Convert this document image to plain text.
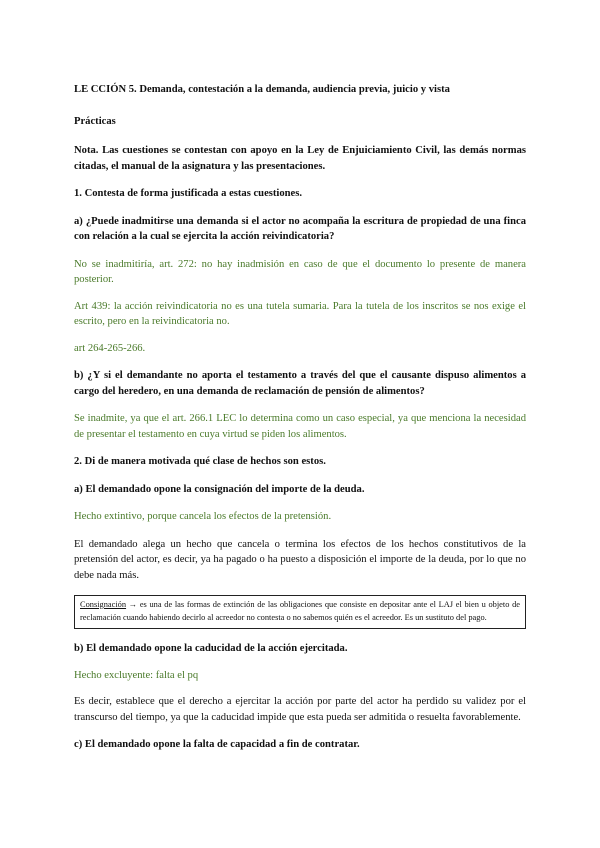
LE CCIÓN 5. Demanda, contestación a la demanda, audiencia previa, juicio y vista

Prácticas

Nota. Las cuestiones se contestan con apoyo en la Ley de Enjuiciamiento Civil, las demás normas citadas, el manual de la asignatura y las presentaciones.

1. Contesta de forma justificada a estas cuestiones.

a) ¿Puede inadmitirse una demanda si el actor no acompaña la escritura de propiedad de una finca con relación a la cual se ejercita la acción reivindicatoria?

No se inadmitiría, art. 272: no hay inadmisión en caso de que el documento lo presente de manera posterior.

Art 439: la acción reivindicatoria no es una tutela sumaria. Para la tutela de los inscritos se nos exige el escrito, pero en la reivindicatoria no.

art 264-265-266.

b) ¿Y si el demandante no aporta el testamento a través del que el causante dispuso alimentos a cargo del heredero, en una demanda de reclamación de pensión de alimentos?

Se inadmite, ya que el art. 266.1 LEC lo determina como un caso especial, ya que menciona la necesidad de presentar el testamento en cuya virtud se piden los alimentos.

2. Di de manera motivada qué clase de hechos son estos.

a) El demandado opone la consignación del importe de la deuda.

Hecho extintivo, porque cancela los efectos de la pretensión.

El demandado alega un hecho que cancela o termina los efectos de los hechos constitutivos de la pretensión del actor, es decir, ya ha pagado o ha puesto a disposición el importe de la deuda, por lo que no debe nada más.

Consignación → es una de las formas de extinción de las obligaciones que consiste en depositar ante el LAJ el bien u objeto de reclamación cuando habiendo decirlo al acreedor no contesta o no sabemos quién es el acreedor. Es un sustituto del pago.

b) El demandado opone la caducidad de la acción ejercitada.

Hecho excluyente: falta el pq

Es decir, establece que el derecho a ejercitar la acción por parte del actor ha perdido su validez por el transcurso del tiempo, ya que la caducidad impide que esta pueda ser admitida o resuelta favorablemente.

c) El demandado opone la falta de capacidad a fin de contratar.
